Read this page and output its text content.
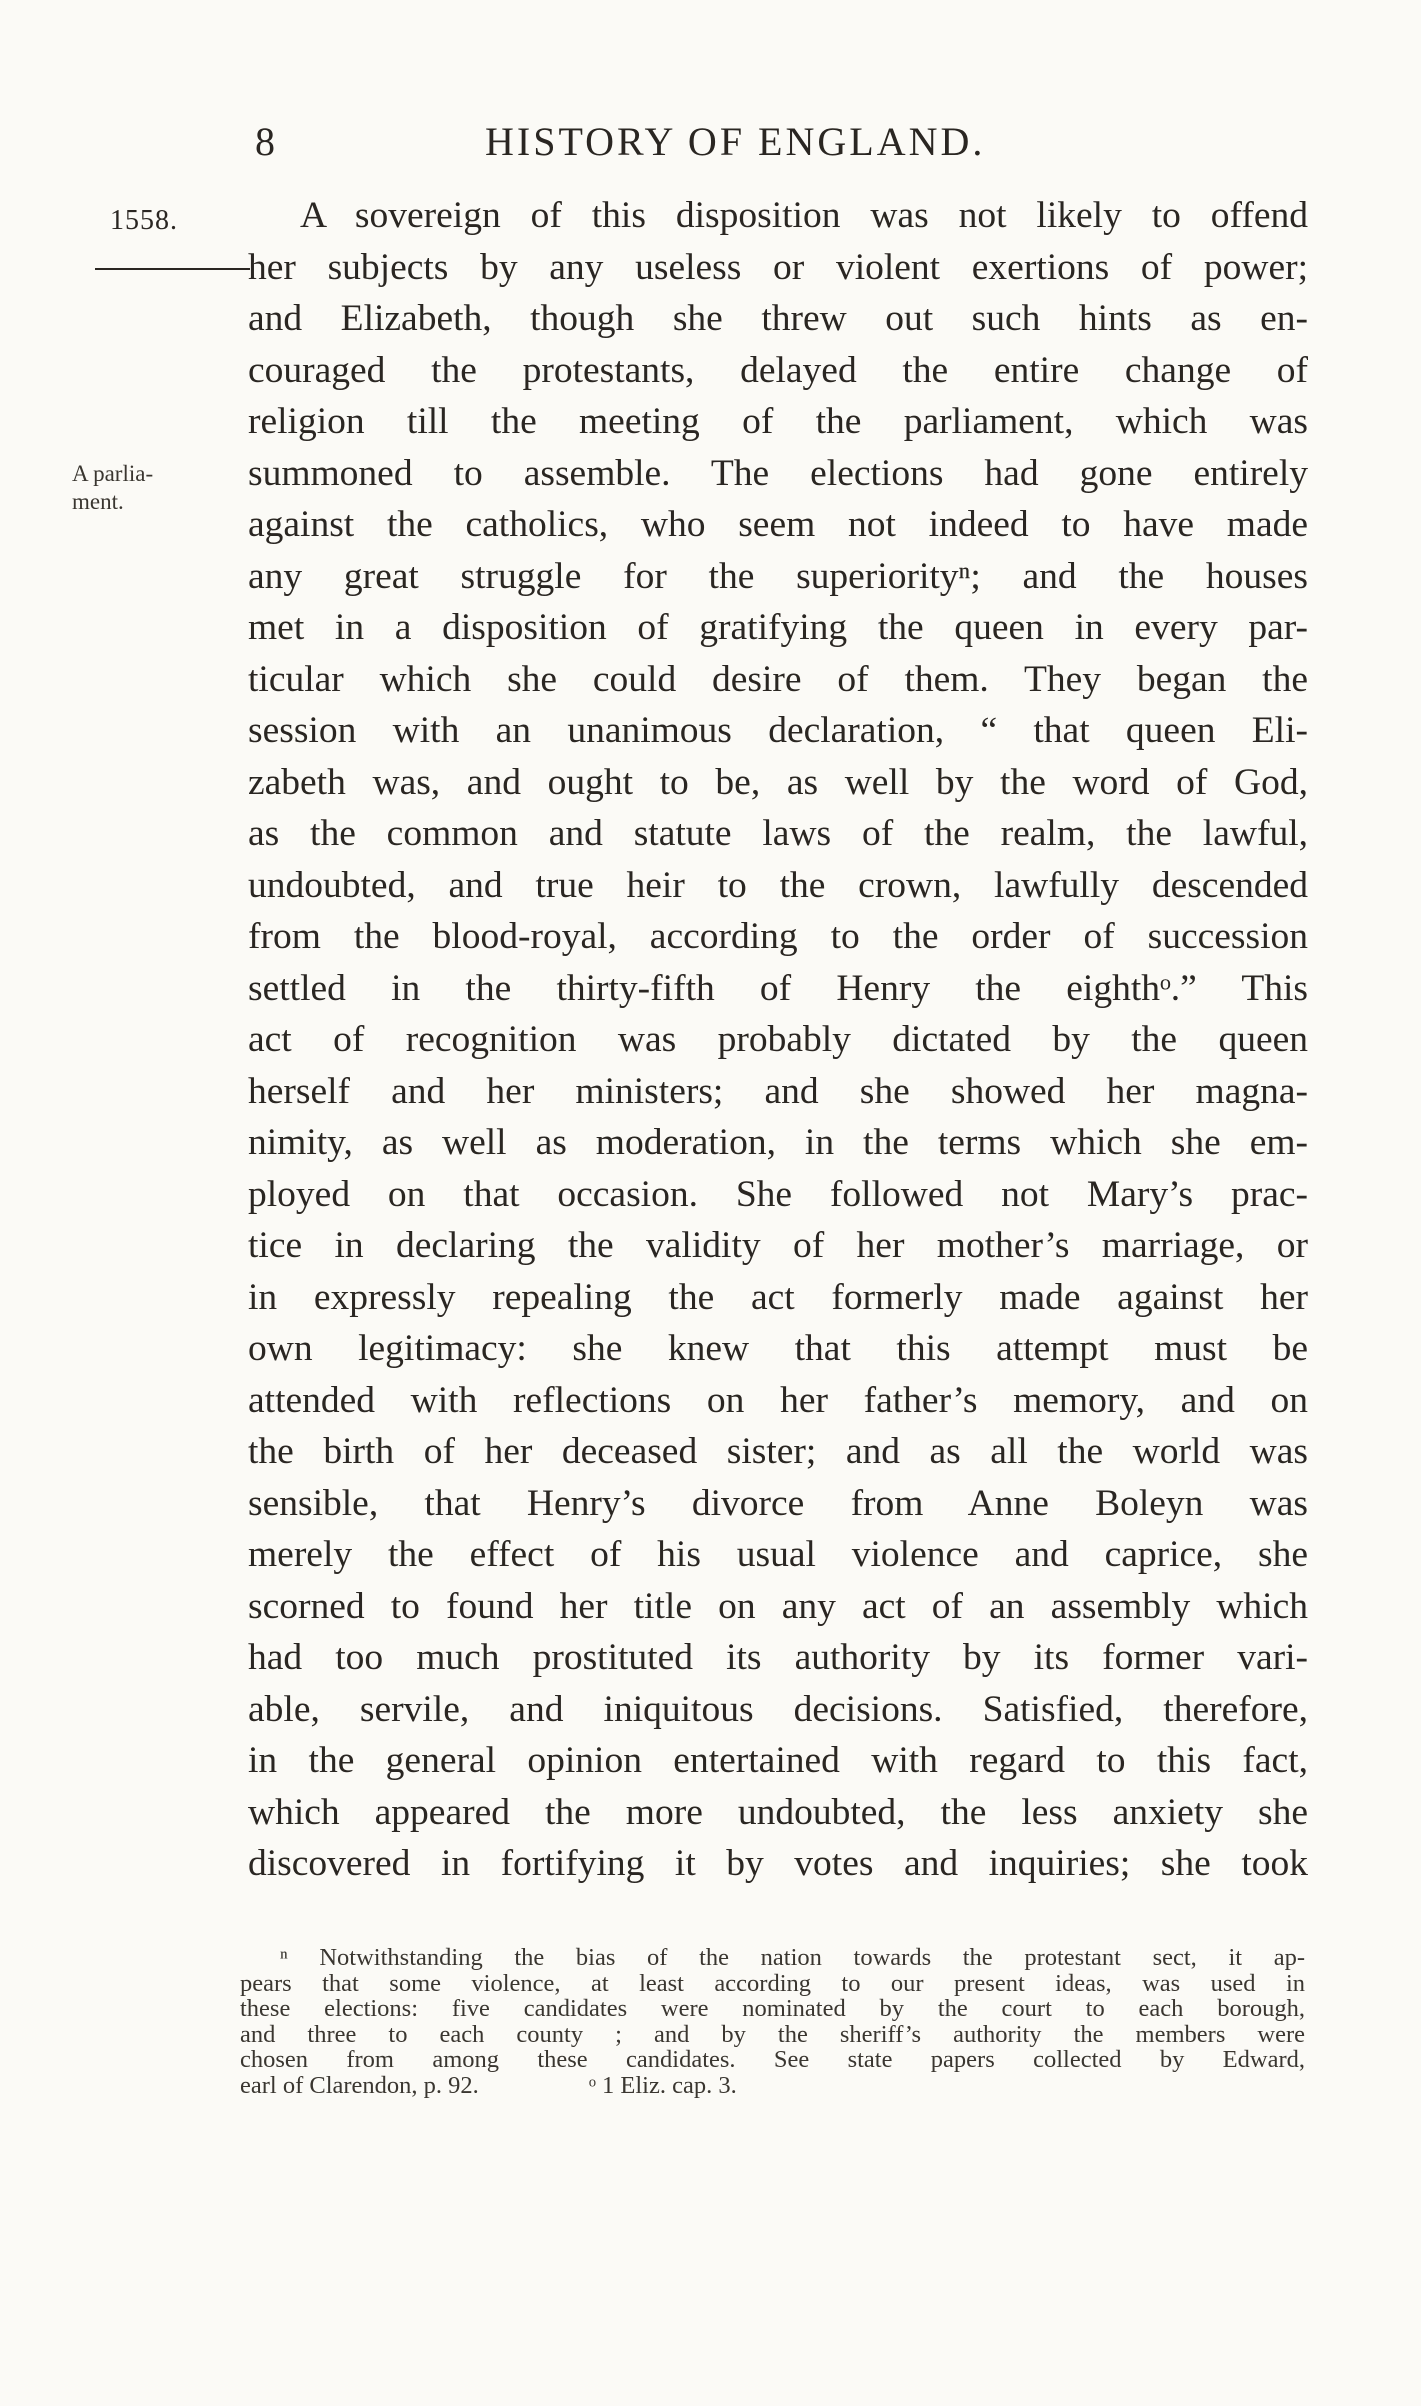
8	HISTORY OF ENGLAND.
1558.
A parlia-
ment.
A sovereign of this disposition was not likely to offend
her subjects by any useless or violent exertions of power;
and Elizabeth, though she threw out such hints as en-
couraged the protestants, delayed the entire change of
religion till the meeting of the parliament, which was
summoned to assemble. The elections had gone entirely
against the catholics, who seem not indeed to have made
any great struggle for the superiorityⁿ; and the houses
met in a disposition of gratifying the queen in every par-
ticular which she could desire of them. They began the
session with an unanimous declaration, “ that queen Eli-
zabeth was, and ought to be, as well by the word of God,
as the common and statute laws of the realm, the lawful,
undoubted, and true heir to the crown, lawfully descended
from the blood-royal, according to the order of succession
settled in the thirty-fifth of Henry the eighthᵒ.” This
act of recognition was probably dictated by the queen
herself and her ministers; and she showed her magna-
nimity, as well as moderation, in the terms which she em-
ployed on that occasion. She followed not Mary’s prac-
tice in declaring the validity of her mother’s marriage, or
in expressly repealing the act formerly made against her
own legitimacy: she knew that this attempt must be
attended with reflections on her father’s memory, and on
the birth of her deceased sister; and as all the world was
sensible, that Henry’s divorce from Anne Boleyn was
merely the effect of his usual violence and caprice, she
scorned to found her title on any act of an assembly which
had too much prostituted its authority by its former vari-
able, servile, and iniquitous decisions. Satisfied, therefore,
in the general opinion entertained with regard to this fact,
which appeared the more undoubted, the less anxiety she
discovered in fortifying it by votes and inquiries; she took
ⁿ Notwithstanding the bias of the nation towards the protestant sect, it ap-
pears that some violence, at least according to our present ideas, was used in
these elections: five candidates were nominated by the court to each borough,
and three to each county ; and by the sheriff’s authority the members were
chosen from among these candidates. See state papers collected by Edward,
earl of Clarendon, p. 92.	ᵒ 1 Eliz. cap. 3.
